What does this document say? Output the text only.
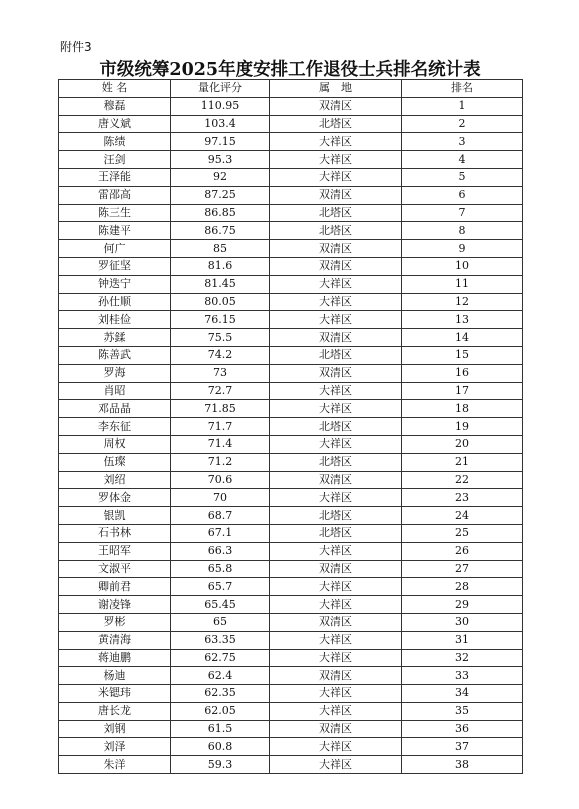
附件3
市级统筹2025年度安排工作退役士兵排名统计表
姓 名	量化评分	属　地	排名
穆磊	110.95	双清区	1
唐义斌	103.4	北塔区	2
陈绩	97.15	大祥区	3
汪剑	95.3	大祥区	4
王泽能	92	大祥区	5
雷邵高	87.25	双清区	6
陈三生	86.85	北塔区	7
陈建平	86.75	北塔区	8
何广	85	双清区	9
罗征坚	81.6	双清区	10
钟迭宁	81.45	大祥区	11
孙仕顺	80.05	大祥区	12
刘桂俭	76.15	大祥区	13
苏鍒	75.5	双清区	14
陈善武	74.2	北塔区	15
罗海	73	双清区	16
肖昭	72.7	大祥区	17
邓品晶	71.85	大祥区	18
李东征	71.7	北塔区	19
周权	71.4	大祥区	20
伍璨	71.2	北塔区	21
刘绍	70.6	双清区	22
罗体金	70	大祥区	23
银凯	68.7	北塔区	24
石书林	67.1	北塔区	25
王昭军	66.3	大祥区	26
文淑平	65.8	双清区	27
卿前君	65.7	大祥区	28
谢凌锋	65.45	大祥区	29
罗彬	65	双清区	30
黄清海	63.35	大祥区	31
蒋迪鹏	62.75	大祥区	32
杨迪	62.4	双清区	33
米锶玮	62.35	大祥区	34
唐长龙	62.05	大祥区	35
刘钢	61.5	双清区	36
刘泽	60.8	大祥区	37
朱洋	59.3	大祥区	38
